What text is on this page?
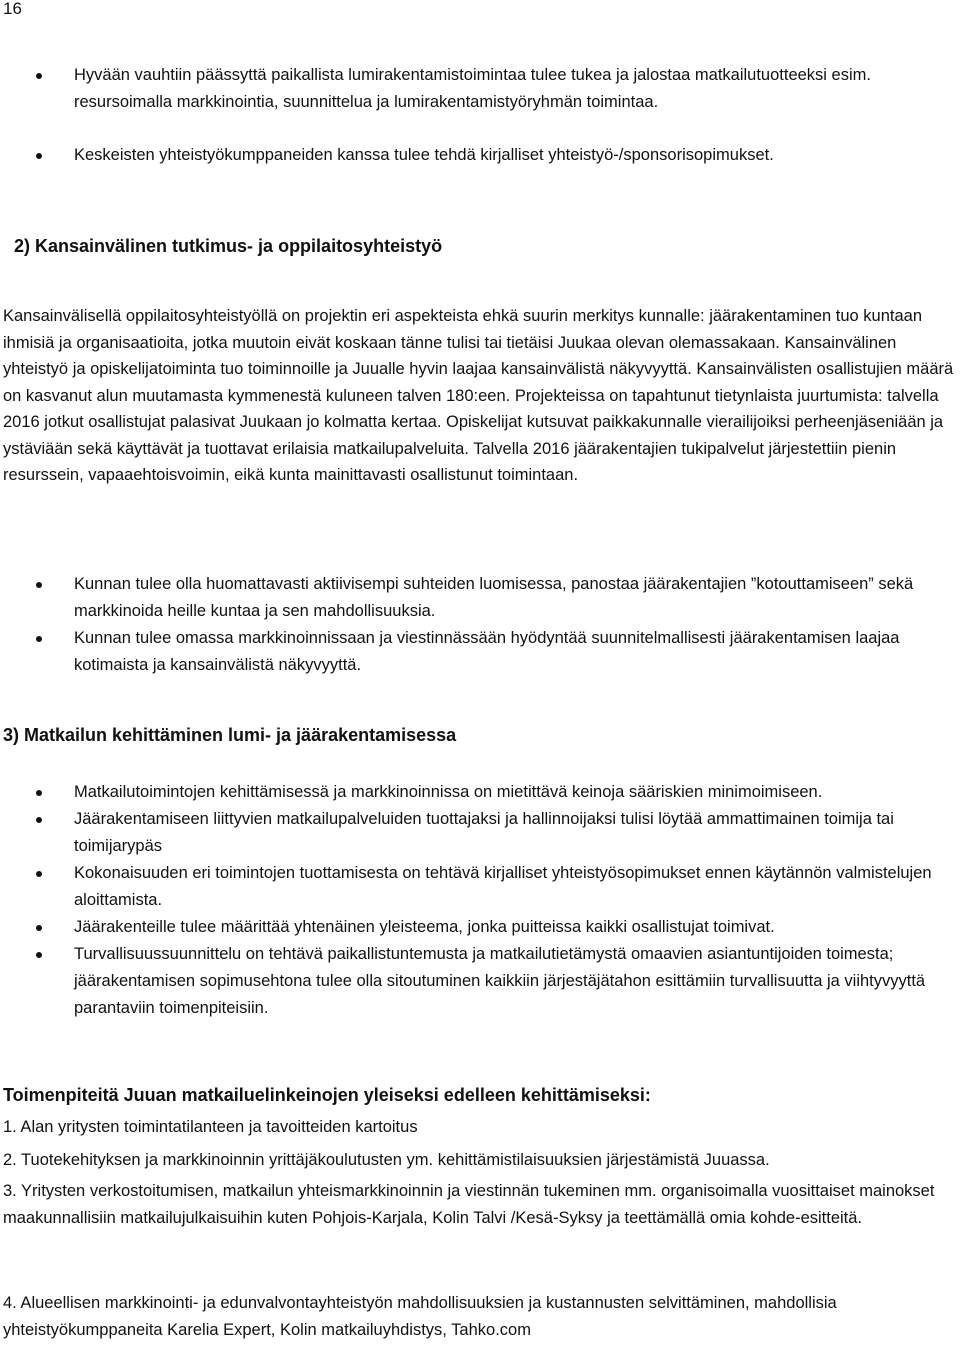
16
Hyvään vauhtiin päässyttä paikallista lumirakentamistoimintaa tulee tukea ja jalostaa matkailutuotteeksi esim. resursoimalla markkinointia, suunnittelua ja lumirakentamistyöryhmän toimintaa.
Keskeisten yhteistyökumppaneiden kanssa tulee tehdä kirjalliset yhteistyö-/sponsorisopimukset.
2) Kansainvälinen tutkimus- ja oppilaitosyhteistyö

Kansainvälisellä oppilaitosyhteistyöllä on projektin eri aspekteista ehkä suurin merkitys kunnalle: jäärakentaminen tuo kuntaan ihmisiä ja organisaatioita, jotka muutoin eivät koskaan tänne tulisi tai tietäisi Juukaa olevan olemassakaan. Kansainvälinen yhteistyö ja opiskelijatoiminta tuo toiminnoille ja Juualle hyvin laajaa kansainvälistä näkyvyyttä. Kansainvälisten osallistujien määrä on kasvanut alun muutamasta kymmenestä kuluneen talven 180:een. Projekteissa on tapahtunut tietynlaista juurtumista: talvella 2016 jotkut osallistujat palasivat Juukaan jo kolmatta kertaa. Opiskelijat kutsuvat paikkakunnalle vierailijoiksi perheenjäseniään ja ystäviään sekä käyttävät ja tuottavat erilaisia matkailupalveluita. Talvella 2016 jäärakentajien tukipalvelut järjestettiin pienin resurssein, vapaaehtoisvoimin, eikä kunta mainittavasti osallistunut toimintaan.

Kunnan tulee olla huomattavasti aktiivisempi suhteiden luomisessa, panostaa jäärakentajien ”kotouttamiseen” sekä markkinoida heille kuntaa ja sen mahdollisuuksia.
Kunnan tulee omassa markkinoinnissaan ja viestinnässään hyödyntää suunnitelmallisesti jäärakentamisen laajaa kotimaista ja kansainvälistä näkyvyyttä.
3) Matkailun kehittäminen lumi- ja jäärakentamisessa
Matkailutoimintojen kehittämisessä ja markkinoinnissa on mietittävä keinoja sääriskien minimoimiseen.
Jäärakentamiseen liittyvien matkailupalveluiden tuottajaksi ja hallinnoijaksi tulisi löytää ammattimainen toimija tai toimijarypäs
Kokonaisuuden eri toimintojen tuottamisesta on tehtävä kirjalliset yhteistyösopimukset ennen käytännön valmistelujen aloittamista.
Jäärakenteille tulee määrittää yhtenäinen yleisteema, jonka puitteissa kaikki osallistujat toimivat.
Turvallisuussuunnittelu on tehtävä paikallistuntemusta ja matkailutietämystä omaavien asiantuntijoiden toimesta; jäärakentamisen sopimusehtona tulee olla sitoutuminen kaikkiin järjestäjätahon esittämiin turvallisuutta ja viihtyvyyttä parantaviin toimenpiteisiin.
Toimenpiteitä Juuan matkailuelinkeinojen yleiseksi edelleen kehittämiseksi:

1. Alan yritysten toimintatilanteen ja tavoitteiden kartoitus

2. Tuotekehityksen ja markkinoinnin yrittäjäkoulutusten ym. kehittämistilaisuuksien järjestämistä Juuassa.

3. Yritysten verkostoitumisen, matkailun yhteismarkkinoinnin ja viestinnän tukeminen mm. organisoimalla vuosittaiset mainokset maakunnallisiin matkailujulkaisuihin kuten Pohjois-Karjala, Kolin Talvi /Kesä-Syksy ja teettämällä omia kohde-esitteitä.

4. Alueellisen markkinointi- ja edunvalvontayhteistyön mahdollisuuksien ja kustannusten selvittäminen, mahdollisia yhteistyökumppaneita Karelia Expert, Kolin matkailuyhdistys, Tahko.com
